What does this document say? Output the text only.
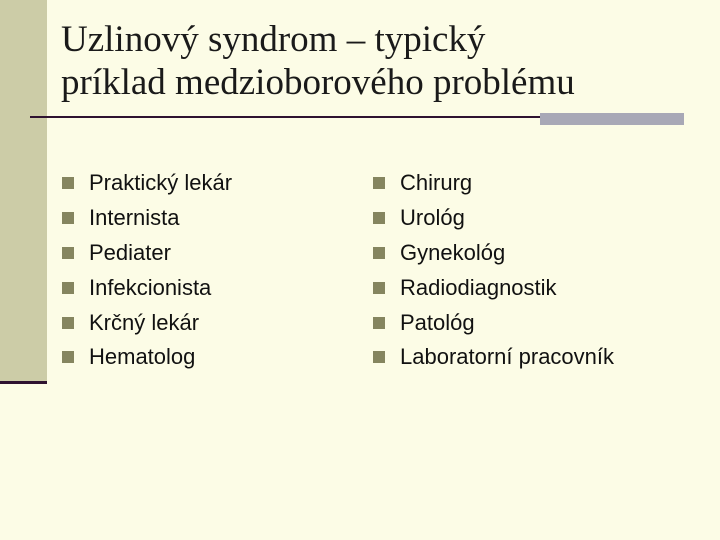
Uzlinový syndrom – typický
príklad medzioborového problému
Praktický lekár
Internista
Pediater
Infekcionista
Krčný lekár
Hematolog
Chirurg
Urológ
Gynekológ
Radiodiagnostik
Patológ
Laboratorní pracovník
